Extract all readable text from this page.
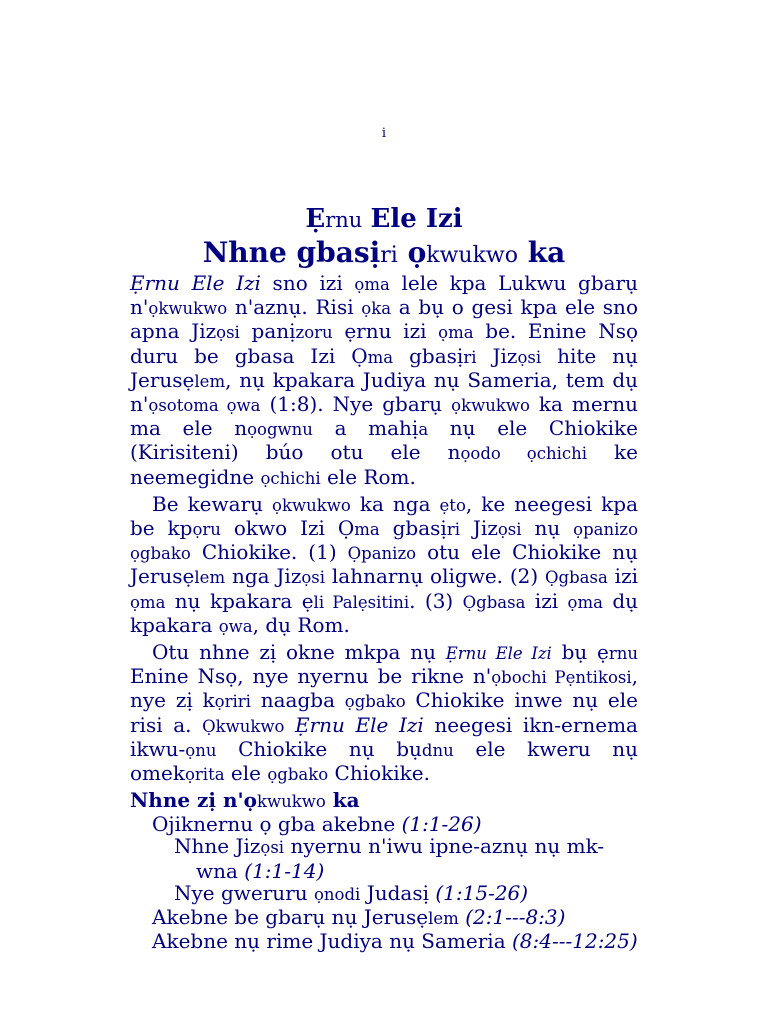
i
Ẹrnu Ele Izi
Nhne gbasịri ọkwukwo ka

Ẹrnu Ele Izi sno izi ọma lele kpa Lukwu gbarụ n'ọkwukwo n'aznụ. Risi ọka a bụ o gesi kpa ele sno apna Jizọsi panịzoru ẹrnu izi ọma be. Enine Nsọ duru be gbasa Izi Ọma gbasịri Jizọsi hite nụ Jerusẹlem, nụ kpakara Judiya nụ Sameria, tem dụ n'ọsotoma ọwa (1:8). Nye gbarụ ọkwukwo ka mernu ma ele nọogwnu a mahịa nụ ele Chiokike (Kirisiteni) búo otu ele nọodo ọchichi ke neemegidne ọchichi ele Rom.

Be kewarụ ọkwukwo ka nga ẹto, ke neegesi kpa be kpọru okwo Izi Ọma gbasịri Jizọsi nụ ọpanizo ọgbako Chiokike. (1) Ọpanizo otu ele Chiokike nụ Jerusẹlem nga Jizọsi lahnarnụ oligwe. (2) Ọgbasa izi ọma nụ kpakara ẹli Palẹsitini. (3) Ọgbasa izi ọma dụ kpakara ọwa, dụ Rom.

Otu nhne zị okne mkpa nụ Ẹrnu Ele Izi bụ ẹrnu Enine Nsọ, nye nyernu be rikne n'ọbochi Pẹntikosi, nye zị kọriri naagba ọgbako Chiokike inwe nụ ele risi a. Ọkwukwo Ẹrnu Ele Izi neegesi ikn-ernema ikwu-ọnu Chiokike nụ bụdnu ele kweru nụ omekọrita ele ọgbako Chiokike.

Nhne zị n'ọkwukwo ka
Ojiknernu ọ gba akebne (1:1-26)
Nhne Jizọsi nyernu n'iwu ipne-aznụ nụ mk-wna (1:1-14)
Nye gweruru ọnodi Judasị (1:15-26)
Akebne be gbarụ nụ Jerusẹlem (2:1---8:3)
Akebne nụ rime Judiya nụ Sameria (8:4---12:25)
